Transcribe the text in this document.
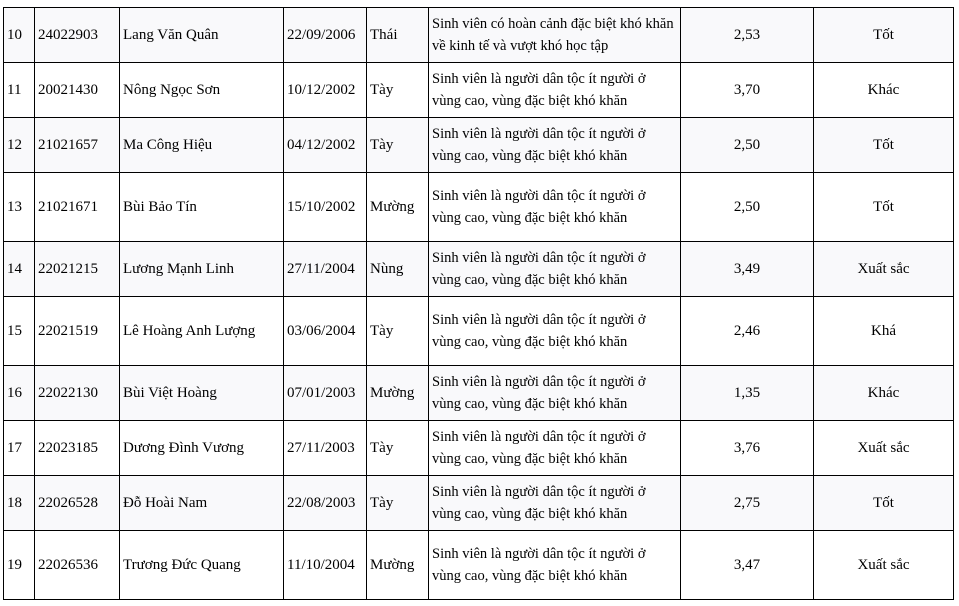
10	24022903	Lang Văn Quân	22/09/2006	Thái	Sinh viên có hoàn cảnh đặc biệt khó khăn về kinh tế và vượt khó học tập	2,53	Tốt
11	20021430	Nông Ngọc Sơn	10/12/2002	Tày	Sinh viên là người dân tộc ít người ở vùng cao, vùng đặc biệt khó khăn	3,70	Khác
12	21021657	Ma Công Hiệu	04/12/2002	Tày	Sinh viên là người dân tộc ít người ở vùng cao, vùng đặc biệt khó khăn	2,50	Tốt
13	21021671	Bùi Bảo Tín	15/10/2002	Mường	Sinh viên là người dân tộc ít người ở vùng cao, vùng đặc biệt khó khăn	2,50	Tốt
14	22021215	Lương Mạnh Linh	27/11/2004	Nùng	Sinh viên là người dân tộc ít người ở vùng cao, vùng đặc biệt khó khăn	3,49	Xuất sắc
15	22021519	Lê Hoàng Anh Lượng	03/06/2004	Tày	Sinh viên là người dân tộc ít người ở vùng cao, vùng đặc biệt khó khăn	2,46	Khá
16	22022130	Bùi Việt Hoàng	07/01/2003	Mường	Sinh viên là người dân tộc ít người ở vùng cao, vùng đặc biệt khó khăn	1,35	Khác
17	22023185	Dương Đình Vương	27/11/2003	Tày	Sinh viên là người dân tộc ít người ở vùng cao, vùng đặc biệt khó khăn	3,76	Xuất sắc
18	22026528	Đỗ Hoài Nam	22/08/2003	Tày	Sinh viên là người dân tộc ít người ở vùng cao, vùng đặc biệt khó khăn	2,75	Tốt
19	22026536	Trương Đức Quang	11/10/2004	Mường	Sinh viên là người dân tộc ít người ở vùng cao, vùng đặc biệt khó khăn	3,47	Xuất sắc
